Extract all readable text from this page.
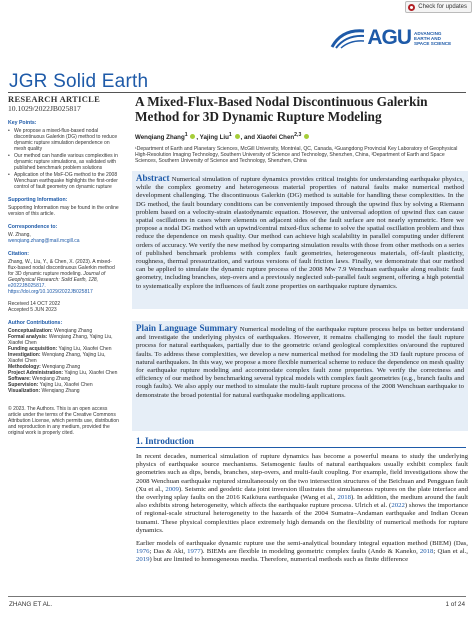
Check for updates
AGU ADVANCING
EARTH AND
SPACE SCIENCE
JGR Solid Earth
RESEARCH ARTICLE
10.1029/2022JB025817
Key Points:
• We propose a mixed-flux-based nodal discontinuous Galerkin (DG) method to reduce dynamic rupture simulation dependence on mesh quality
• Our method can handle various complexities in dynamic rupture simulations, as validated with published benchmark problem solutions
• Application of the MxF-DG method to the 2008 Wenchuan earthquake highlights the first-order control of fault geometry on dynamic rupture
Supporting Information:
Supporting Information may be found in the online version of this article.
Correspondence to:
W. Zhang,
wenqiang.zhang@mail.mcgill.ca
Citation:
Zhang, W., Liu, Y., & Chen, X. (2023). A mixed-flux-based nodal discontinuous Galerkin method for 3D dynamic rupture modeling. Journal of Geophysical Research: Solid Earth, 128, e2022JB025817. https://doi.org/10.1029/2022JB025817
Received 14 OCT 2022
Accepted 5 JUN 2023
Author Contributions:
Conceptualization: Wenqiang Zhang
Formal analysis: Wenqiang Zhang, Yajing Liu, Xiaofei Chen
Funding acquisition: Yajing Liu, Xiaofei Chen
Investigation: Wenqiang Zhang, Yajing Liu, Xiaofei Chen
Methodology: Wenqiang Zhang
Project Administration: Yajing Liu, Xiaofei Chen
Software: Wenqiang Zhang
Supervision: Yajing Liu, Xiaofei Chen
Visualization: Wenqiang Zhang
© 2023. The Authors. This is an open access article under the terms of the Creative Commons Attribution License, which permits use, distribution and reproduction in any medium, provided the original work is properly cited.
A Mixed-Flux-Based Nodal Discontinuous Galerkin Method for 3D Dynamic Rupture Modeling
Wenqiang Zhang$^1$ , Yajing Liu$^1$ , and Xiaofei Chen$^{2,3}$
¹Department of Earth and Planetary Sciences, McGill University, Montréal, QC, Canada, ²Guangdong Provincial Key Laboratory of Geophysical High-Resolution Imaging Technology, Southern University of Science and Technology, Shenzhen, China, ³Department of Earth and Space Sciences, Southern University of Science and Technology, Shenzhen, China

Abstract Numerical simulation of rupture dynamics provides critical insights for understanding earthquake physics, while the complex geometry and heterogeneous material properties of natural faults make numerical method development challenging. The discontinuous Galerkin (DG) method is suitable for handling these complexities. In the DG method, the fault boundary conditions can be conveniently imposed through the upwind flux by solving a Riemann problem based on a velocity-strain elastodynamic equation. However, the universal adoption of upwind flux can cause spatial oscillations in cases where elements on adjacent sides of the fault surface are not nearly symmetric. Here we propose a nodal DG method with an upwind/central mixed-flux scheme to solve the spatial oscillation problem and thus reduce the dependence on mesh quality. Our method can achieve high scalability in parallel computing under different orders of accuracy. We verify the new method by comparing simulation results with those from other methods on a series of published benchmark problems with complex fault geometries, heterogeneous materials, off-fault plasticity, roughness, thermal pressurization, and various versions of fault friction laws. Finally, we demonstrate that our method can be applied to simulate the dynamic rupture process of the 2008 Mw 7.9 Wenchuan earthquake along realistic fault geometry, including branches, step-overs and a previously neglected sub-parallel fault segment, offering a high potential to systematically explore the influences of fault zone properties on earthquake rupture dynamics.

Plain Language Summary Numerical modeling of the earthquake rupture process helps us better understand and investigate the underlying physics of earthquakes. However, it remains challenging to model the fault rupture process for natural earthquakes, partially due to the geometric or/and geological complexities on/around the ruptured faults. To address these complexities, we develop a new numerical method for modeling the 3D fault rupture process of natural earthquakes. In this way, we propose a more flexible numerical scheme to reduce the dependence on mesh quality for earthquake rupture modeling and accommodate complex fault zone properties. We verify the correctness and efficiency of our method by benchmarking several typical models with complex fault geometries (e.g., branch faults and rough faults). We also apply our method to simulate the multi-fault rupture process of the 2008 Wenchuan earthquake to demonstrate the broad potential for natural earthquake modeling applications.

1. Introduction

In recent decades, numerical simulation of rupture dynamics has become a powerful means to study the underlying physics of earthquake source mechanisms. Seismogenic faults of natural earthquakes usually exhibit complex fault geometries such as dips, bends, branches, step-overs, and multi-fault coupling. For example, field investigations show the 2008 Wenchuan earthquake ruptured simultaneously on the two intersection structures of the Beichuan and Pengguan fault (Xu et al., 2009). Seismic and geodetic data joint inversion illustrates the simultaneous ruptures on the plate interface and the overlying splay faults on the 2016 Kaikōura earthquake (Wang et al., 2018). In addition, the medium around the fault also exhibits strong heterogeneity, which affects the earthquake rupture process. Ulrich et al. (2022) shows the importance of regional-scale structural heterogeneity to the hazards of the 2004 Sumatra–Andaman earthquake and Indian Ocean tsunami. These physical complexities place extremely high demands on the flexibility of numerical methods for rupture dynamics.

Earlier models of earthquake dynamic rupture use the semi-analytical boundary integral equation method (BIEM) (Das, 1976; Das & Aki, 1977). BIEMs are flexible in modeling geometric complex faults (Ando & Kaneko, 2018; Qian et al., 2019) but are limited to homogeneous media. Therefore, numerical methods such as finite difference

ZHANG ET AL.	1 of 24
